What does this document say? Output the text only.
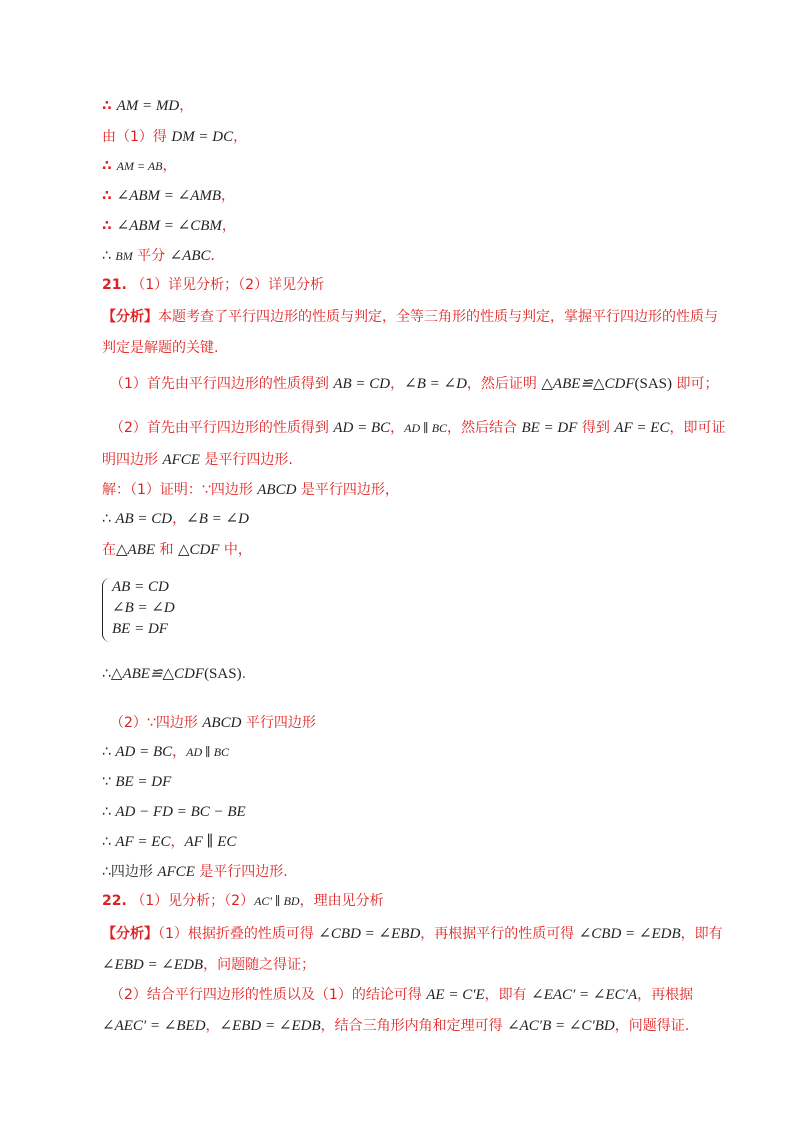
∴ AM = MD，
由（1）得 DM = DC，
∴ AM = AB，
∴ ∠ABM = ∠AMB，
∴ ∠ABM = ∠CBM，
∴ BM 平分 ∠ABC．
21. （1）详见分析；（2）详见分析
【分析】本题考查了平行四边形的性质与判定，全等三角形的性质与判定，掌握平行四边形的性质与
判定是解题的关键.
（1）首先由平行四边形的性质得到 AB = CD，∠B = ∠D，然后证明 △ABE≌△CDF(SAS) 即可；
（2）首先由平行四边形的性质得到 AD = BC，AD ∥ BC，然后结合 BE = DF 得到 AF = EC，即可证
明四边形 AFCE 是平行四边形.
解：（1）证明：∵四边形 ABCD 是平行四边形，
∴ AB = CD，∠B = ∠D
在△ABE 和 △CDF 中，
AB = CD
∠B = ∠D
BE = DF
∴△ABE≌△CDF(SAS).
（2）∵四边形 ABCD 平行四边形
∴ AD = BC，AD ∥ BC
∵ BE = DF
∴ AD − FD = BC − BE
∴ AF = EC，AF ∥ EC
∴四边形 AFCE 是平行四边形.
22. （1）见分析；（2）AC′ ∥ BD，理由见分析
【分析】（1）根据折叠的性质可得 ∠CBD = ∠EBD，再根据平行的性质可得 ∠CBD = ∠EDB，即有
∠EBD = ∠EDB，问题随之得证；
（2）结合平行四边形的性质以及（1）的结论可得 AE = C′E，即有 ∠EAC′ = ∠EC′A，再根据
∠AEC′ = ∠BED，∠EBD = ∠EDB，结合三角形内角和定理可得 ∠AC′B = ∠C′BD，问题得证.
